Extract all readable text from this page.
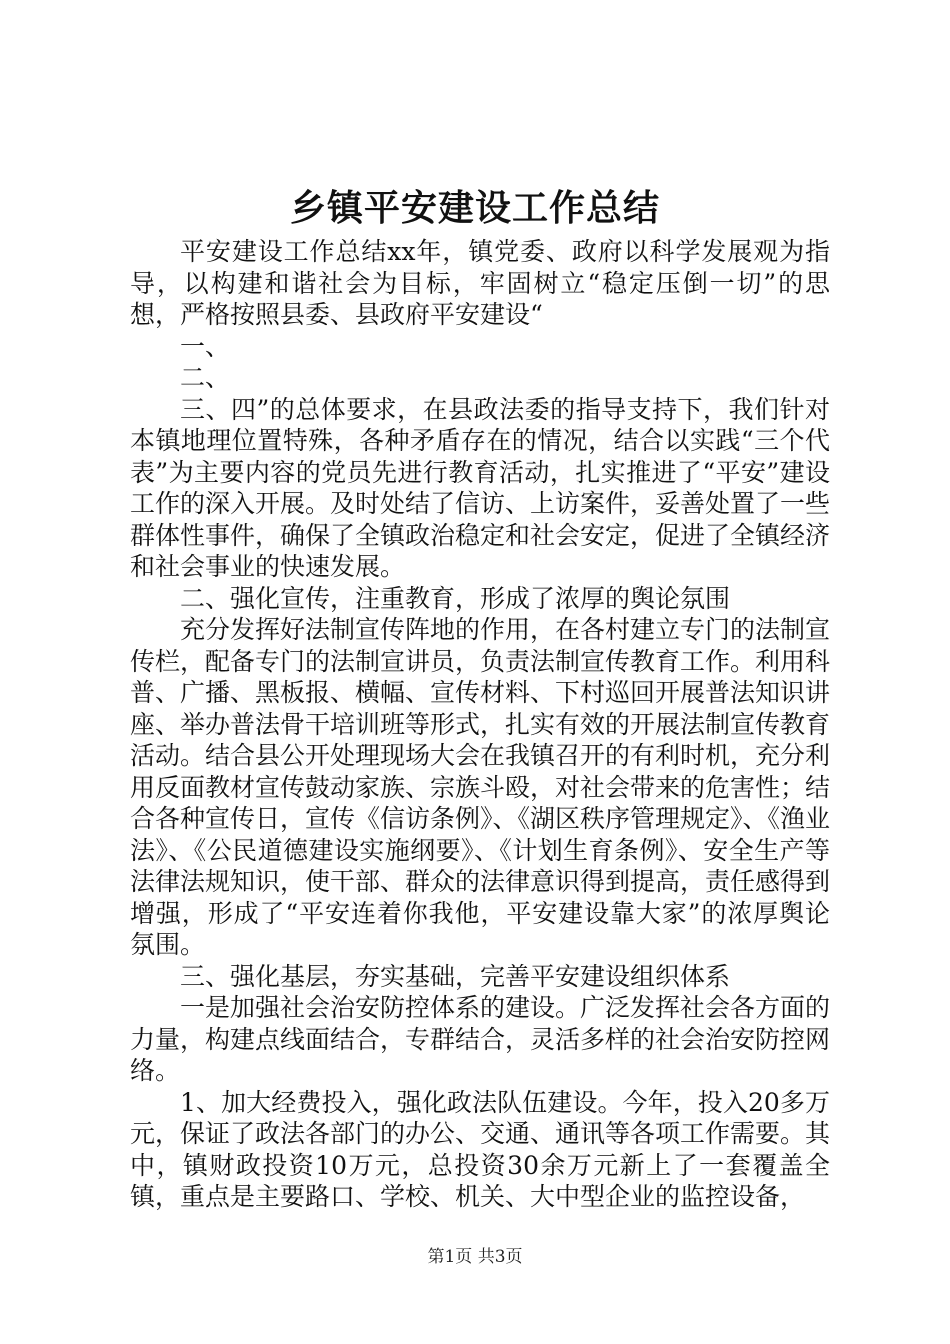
乡镇平安建设工作总结

平安建设工作总结xx年，镇党委、政府以科学发展观为指导，以构建和谐社会为目标，牢固树立“稳定压倒一切”的思想，严格按照县委、县政府平安建设“

一、

二、

三、四”的总体要求，在县政法委的指导支持下，我们针对本镇地理位置特殊，各种矛盾存在的情况，结合以实践“三个代表”为主要内容的党员先进行教育活动，扎实推进了“平安”建设工作的深入开展。及时处结了信访、上访案件，妥善处置了一些群体性事件，确保了全镇政治稳定和社会安定，促进了全镇经济和社会事业的快速发展。

二、强化宣传，注重教育，形成了浓厚的舆论氛围

充分发挥好法制宣传阵地的作用，在各村建立专门的法制宣传栏，配备专门的法制宣讲员，负责法制宣传教育工作。利用科普、广播、黑板报、横幅、宣传材料、下村巡回开展普法知识讲座、举办普法骨干培训班等形式，扎实有效的开展法制宣传教育活动。结合县公开处理现场大会在我镇召开的有利时机，充分利用反面教材宣传鼓动家族、宗族斗殴，对社会带来的危害性；结合各种宣传日，宣传《信访条例》、《湖区秩序管理规定》、《渔业法》、《公民道德建设实施纲要》、《计划生育条例》、安全生产等法律法规知识，使干部、群众的法律意识得到提高，责任感得到增强，形成了“平安连着你我他，平安建设靠大家”的浓厚舆论氛围。

三、强化基层，夯实基础，完善平安建设组织体系

一是加强社会治安防控体系的建设。广泛发挥社会各方面的力量，构建点线面结合，专群结合，灵活多样的社会治安防控网络。

1、加大经费投入，强化政法队伍建设。今年，投入20多万元，保证了政法各部门的办公、交通、通讯等各项工作需要。其中，镇财政投资10万元，总投资30余万元新上了一套覆盖全镇，重点是主要路口、学校、机关、大中型企业的监控设备，

第1页 共3页
